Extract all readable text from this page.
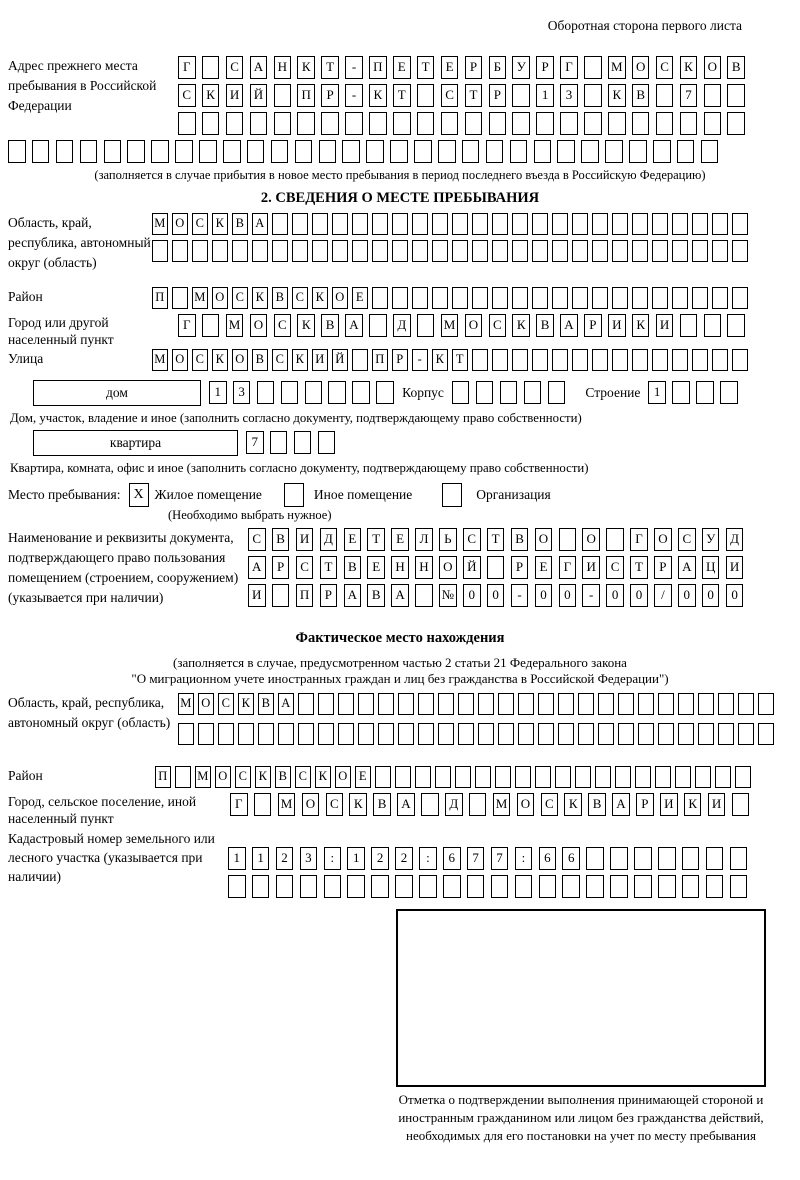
Оборотная сторона первого листа
Адрес прежнего места пребывания в Российской Федерации
Г	С А Н К Т - П Е Т Е Р Б У Р Г	М О С К О В
С К И Й	П Р - К Т	С Т Р	1 3	К В	7
(заполняется в случае прибытия в новое место пребывания в период последнего въезда в Российскую Федерацию)
2. СВЕДЕНИЯ О МЕСТЕ ПРЕБЫВАНИЯ
Область, край, республика, автономный округ (область)
М О С К В А
Район	П М О С К В С К О Е
Город или другой населенный пункт
Г	М О С К В А	Д	М О С К В А Р И К И
Улица	М О С К О В С К И Й П Р - К Т
дом	1 3	Корпус	Строение	1
Дом, участок, владение и иное (заполнить согласно документу, подтверждающему право собственности)
квартира	7
Квартира, комната, офис и иное (заполнить согласно документу, подтверждающему право собственности)
Место пребывания: X Жилое помещение	Иное помещение	Организация
(Необходимо выбрать нужное)
Наименование и реквизиты документа, подтверждающего право пользования помещением (строением, сооружением) (указывается при наличии)
С В И Д Е Т Е Л Ь С Т В О	О	Г О С У Д
А Р С Т В Е Н Н О Й	Р Е Г И С Т Р А Ц И
И	П Р А В А	№ 0 0 - 0 0 - 0 0 / 0 0 0
Фактическое место нахождения
(заполняется в случае, предусмотренном частью 2 статьи 21 Федерального закона
"О миграционном учете иностранных граждан и лиц без гражданства в Российской Федерации")
Область, край, республика, автономный округ (область)
М О С К В А
Район	П М О С К В С К О Е
Город, сельское поселение, иной населенный пункт
Г	М О С К В А	Д	М О С К В А Р И К И
Кадастровый номер земельного или лесного участка (указывается при наличии)
1 1 2 3 : 1 2 2 : 6 7 7 : 6 6
Отметка о подтверждении выполнения принимающей стороной и иностранным гражданином или лицом без гражданства действий, необходимых для его постановки на учет по месту пребывания
